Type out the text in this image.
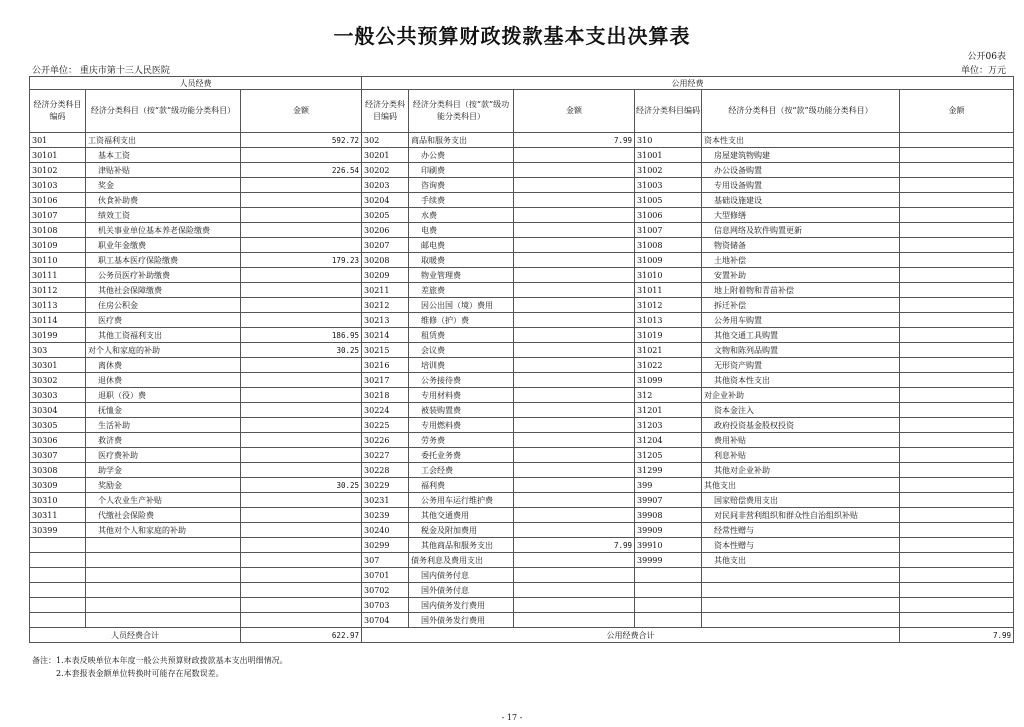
一般公共预算财政拨款基本支出决算表
公开06表
公开单位： 重庆市第十三人民医院	单位：万元
人员经费			公用经费					
经济分类科目编码	经济分类科目（按“款”级功能分类科目）	金额	经济分类科目编码	经济分类科目（按“款”级功能分类科目）	金额	经济分类科目编码	经济分类科目（按“款”级功能分类科目）	金额
301	工资福利支出	592.72	302	商品和服务支出	7.99	310	资本性支出	
30101	基本工资		30201	办公费		31001	房屋建筑物购建	
30102	津贴补贴	226.54	30202	印刷费		31002	办公设备购置	
30103	奖金		30203	咨询费		31003	专用设备购置	
30106	伙食补助费		30204	手续费		31005	基础设施建设	
30107	绩效工资		30205	水费		31006	大型修缮	
30108	机关事业单位基本养老保险缴费		30206	电费		31007	信息网络及软件购置更新	
30109	职业年金缴费		30207	邮电费		31008	物资储备	
30110	职工基本医疗保险缴费	179.23	30208	取暖费		31009	土地补偿	
30111	公务员医疗补助缴费		30209	物业管理费		31010	安置补助	
30112	其他社会保障缴费		30211	差旅费		31011	地上附着物和青苗补偿	
30113	住房公积金		30212	因公出国（境）费用		31012	拆迁补偿	
30114	医疗费		30213	维修（护）费		31013	公务用车购置	
30199	其他工资福利支出	186.95	30214	租赁费		31019	其他交通工具购置	
303	对个人和家庭的补助	30.25	30215	会议费		31021	文物和陈列品购置	
30301	离休费		30216	培训费		31022	无形资产购置	
30302	退休费		30217	公务接待费		31099	其他资本性支出	
30303	退职（役）费		30218	专用材料费		312	对企业补助	
30304	抚恤金		30224	被装购置费		31201	资本金注入	
30305	生活补助		30225	专用燃料费		31203	政府投资基金股权投资	
30306	救济费		30226	劳务费		31204	费用补贴	
30307	医疗费补助		30227	委托业务费		31205	利息补贴	
30308	助学金		30228	工会经费		31299	其他对企业补助	
30309	奖励金	30.25	30229	福利费		399	其他支出	
30310	个人农业生产补贴		30231	公务用车运行维护费		39907	国家赔偿费用支出	
30311	代缴社会保险费		30239	其他交通费用		39908	对民间非营利组织和群众性自治组织补贴	
30399	其他对个人和家庭的补助		30240	税金及附加费用		39909	经常性赠与	
			30299	其他商品和服务支出	7.99	39910	资本性赠与	
			307	债务利息及费用支出		39999	其他支出	
			30701	国内债务付息				
			30702	国外债务付息				
			30703	国内债务发行费用				
			30704	国外债务发行费用				
人员经费合计		622.97	公用经费合计					7.99
备注：1.本表反映单位本年度一般公共预算财政拨款基本支出明细情况。
2.本套报表金额单位转换时可能存在尾数误差。
- 17 -
